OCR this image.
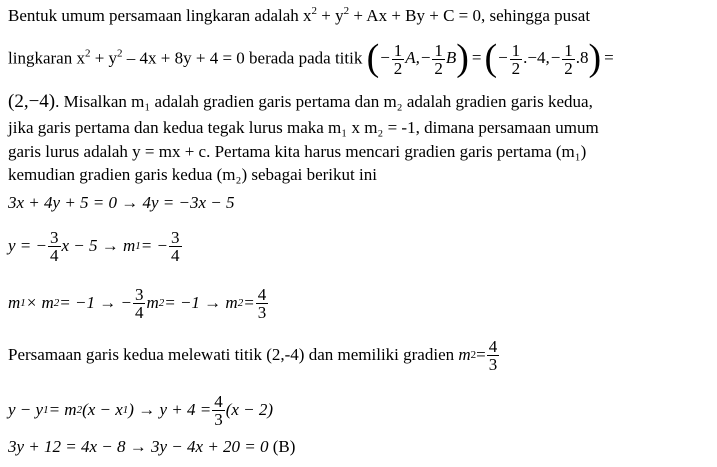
Bentuk umum persamaan lingkaran adalah $x^2 + y^2 + Ax + By + C = 0$, sehingga pusat
lingkaran $x^2 + y^2 - 4x + 8y + 4 = 0$ berada pada titik (− $\frac{1}{2} A,- \frac{1}{2} B$) =(− $\frac{1}{2} .-4,- \frac{1}{2} .8$) =
(2,−4). Misalkan m₁ adalah gradien garis pertama dan m₂ adalah gradien garis kedua,
jika garis pertama dan kedua tegak lurus maka m₁ x m₂ = -1, dimana persamaan umum
garis lurus adalah y = mx + c. Pertama kita harus mencari gradien garis pertama (m₁)
kemudian gradien garis kedua (m₂) sebagai berikut ini
3x + 4y + 5 = 0 → 4y = −3x − 5
y = − $\frac{3}{4}$ x − 5 → m 1 = − $\frac{3}{4}$
m 1 × m 2 = −1 → − $\frac{3}{4}$ m 2 = −1 → m $2 = \frac{4}{3}$
Persamaan garis kedua melewati titik (2,-4) dan memiliki gradien
m $2 = \frac{4}{3}$
y − y 1 = m 2 (x − x 1 ) → $y + 4 = \frac{4}{3} (x - 2)$
3y + 12 = 4x − 8 → 3y − 4x + 20 = 0 (B)
